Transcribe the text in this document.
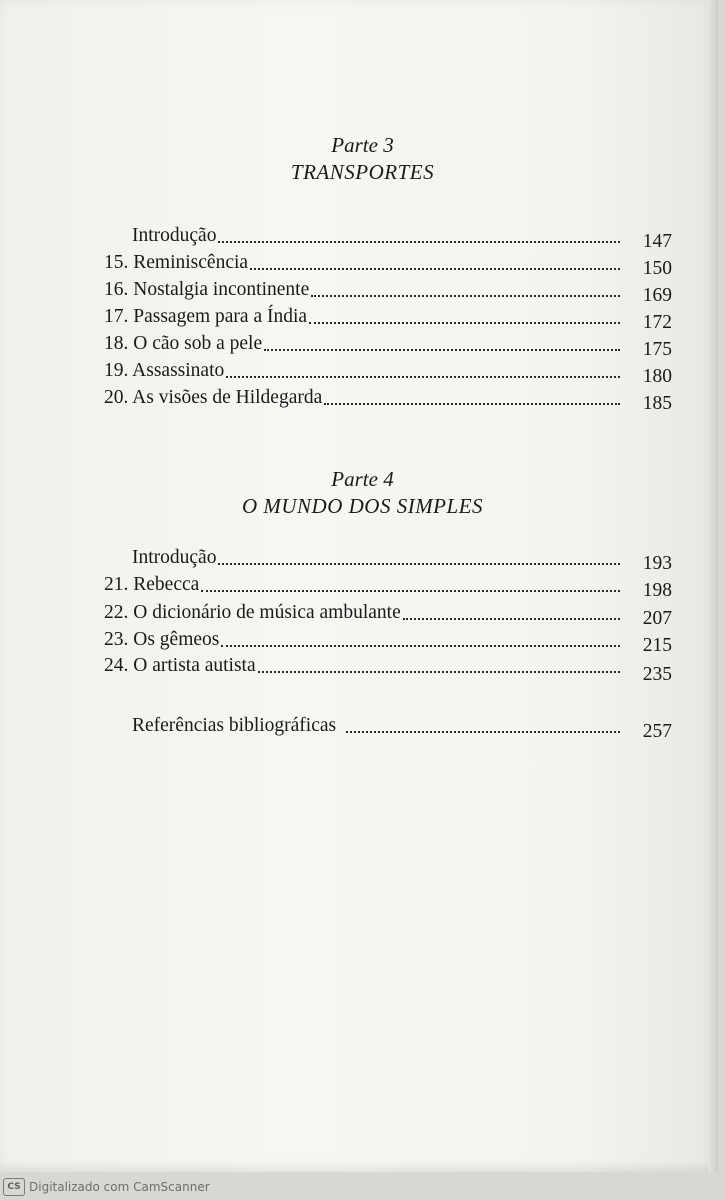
Parte 3
TRANSPORTES
Introdução	147
15. Reminiscência	150
16. Nostalgia incontinente	169
17. Passagem para a Índia	172
18. O cão sob a pele	175
19. Assassinato	180
20. As visões de Hildegarda	185
Parte 4
O MUNDO DOS SIMPLES
Introdução	193
21. Rebecca	198
22. O dicionário de música ambulante	207
23. Os gêmeos	215
24. O artista autista	235
Referências bibliográficas	257
CS Digitalizado com CamScanner
